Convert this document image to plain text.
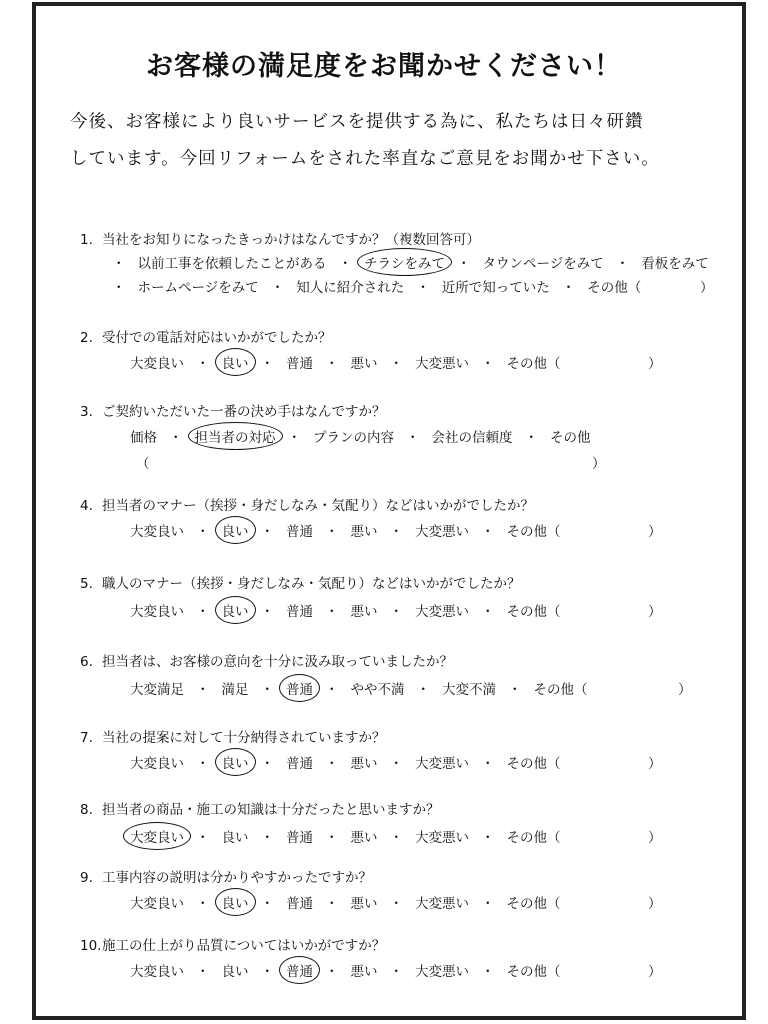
お客様の満足度をお聞かせください！
今後、お客様により良いサービスを提供する為に、私たちは日々研鑽
しています。今回リフォームをされた率直なご意見をお聞かせ下さい。
1. 当社をお知りになったきっかけはなんですか？（複数回答可）
・ 以前工事を依頼したことがある ・ チラシをみて ・ タウンページをみて ・ 看板をみて
・ ホームページをみて ・ 知人に紹介された ・ 近所で知っていた ・ その他（	）
2. 受付での電話対応はいかがでしたか？
大変良い ・ 良い ・ 普通 ・ 悪い ・ 大変悪い ・ その他（	）
3. ご契約いただいた一番の決め手はなんですか？
価格 ・ 担当者の対応 ・ プランの内容 ・ 会社の信頼度 ・ その他
（	）
4. 担当者のマナー（挨拶・身だしなみ・気配り）などはいかがでしたか？
大変良い ・ 良い ・ 普通 ・ 悪い ・ 大変悪い ・ その他（	）
5. 職人のマナー（挨拶・身だしなみ・気配り）などはいかがでしたか？
大変良い ・ 良い ・ 普通 ・ 悪い ・ 大変悪い ・ その他（	）
6. 担当者は、お客様の意向を十分に汲み取っていましたか？
大変満足 ・ 満足 ・ 普通 ・ やや不満 ・ 大変不満 ・ その他（	）
7. 当社の提案に対して十分納得されていますか？
大変良い ・ 良い ・ 普通 ・ 悪い ・ 大変悪い ・ その他（	）
8. 担当者の商品・施工の知識は十分だったと思いますか？
大変良い ・ 良い ・ 普通 ・ 悪い ・ 大変悪い ・ その他（	）
9. 工事内容の説明は分かりやすかったですか？
大変良い ・ 良い ・ 普通 ・ 悪い ・ 大変悪い ・ その他（	）
10.施工の仕上がり品質についてはいかがですか？
大変良い ・ 良い ・ 普通 ・ 悪い ・ 大変悪い ・ その他（	）
